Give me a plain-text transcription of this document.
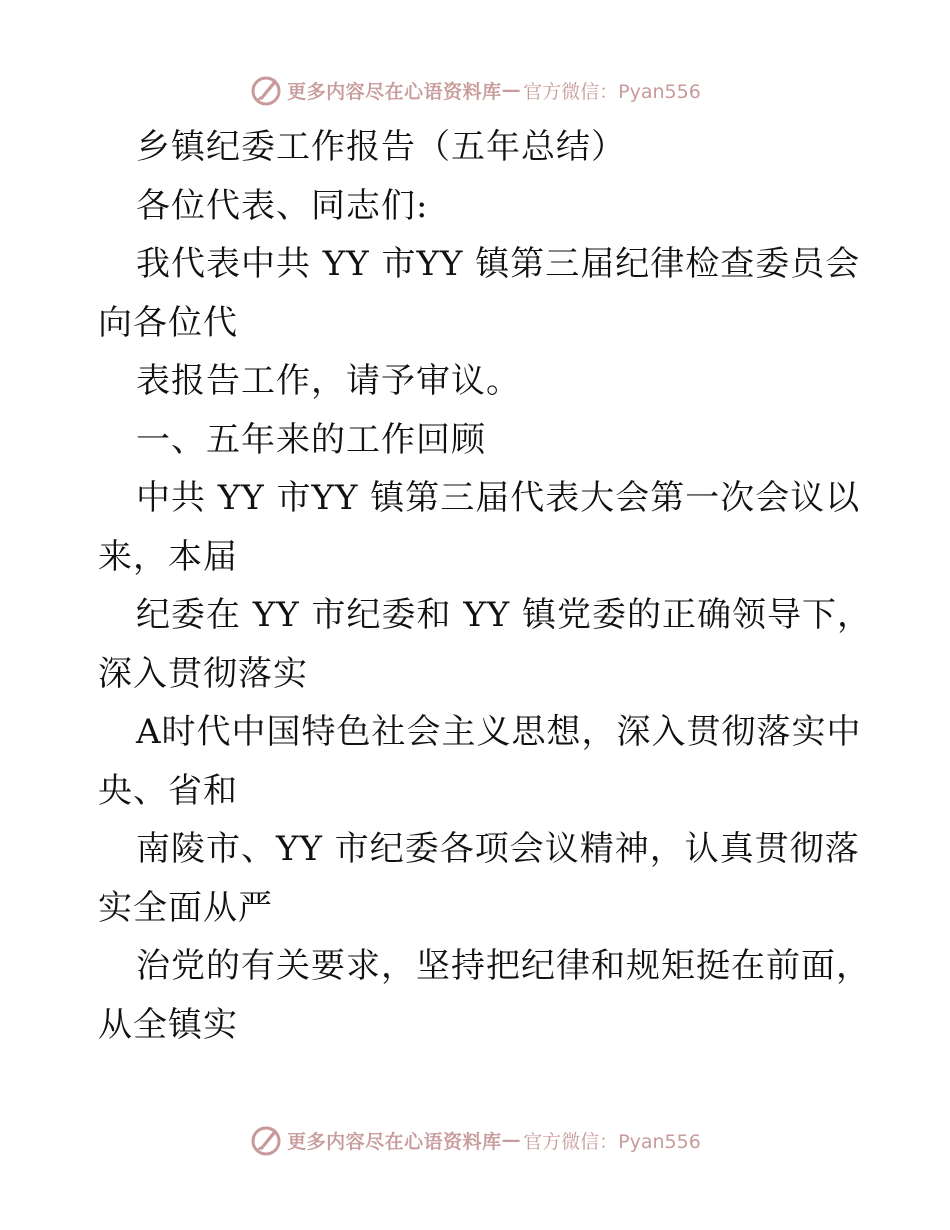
更多内容尽在心语资料库 — 官方微信：Pyan556

乡镇纪委工作报告（五年总结）

各位代表、同志们:

我代表中共 YY 市YY 镇第三届纪律检查委员会

向各位代

表报告工作，请予审议。

一、五年来的工作回顾

中共 YY 市YY 镇第三届代表大会第一次会议以

来，本届

纪委在 YY 市纪委和 YY 镇党委的正确领导下，

深入贯彻落实

A时代中国特色社会主义思想，深入贯彻落实中

央、省和

南陵市、YY 市纪委各项会议精神，认真贯彻落

实全面从严

治党的有关要求，坚持把纪律和规矩挺在前面，

从全镇实

更多内容尽在心语资料库 — 官方微信：Pyan556
